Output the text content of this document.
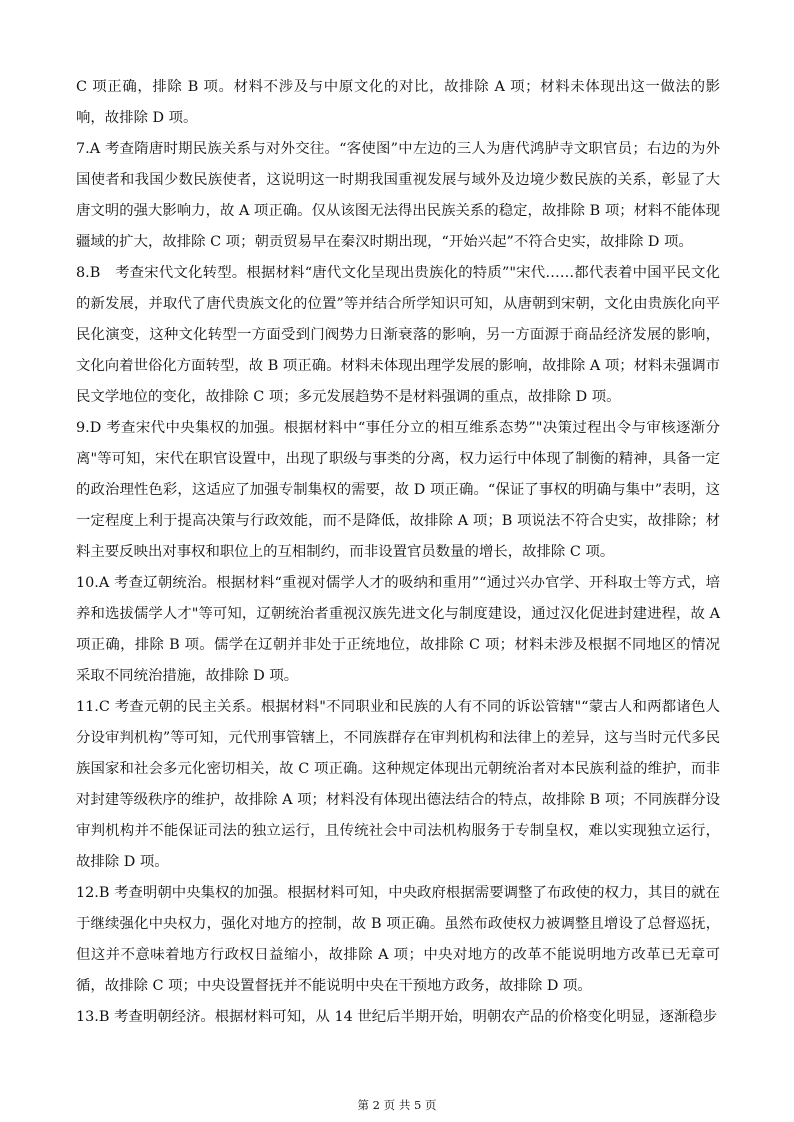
C 项正确，排除 B 项。材料不涉及与中原文化的对比，故排除 A 项；材料未体现出这一做法的影响，故排除 D 项。

7.A 考查隋唐时期民族关系与对外交往。“客使图”中左边的三人为唐代鸿胪寺文职官员；右边的为外国使者和我国少数民族使者，这说明这一时期我国重视发展与域外及边境少数民族的关系，彰显了大唐文明的强大影响力，故 A 项正确。仅从该图无法得出民族关系的稳定，故排除 B 项；材料不能体现疆域的扩大，故排除 C 项；朝贡贸易早在秦汉时期出现，“开始兴起”不符合史实，故排除 D 项。

8.B　考查宋代文化转型。根据材料“唐代文化呈现出贵族化的特质”"宋代……都代表着中国平民文化的新发展，并取代了唐代贵族文化的位置”等并结合所学知识可知，从唐朝到宋朝，文化由贵族化向平民化演变，这种文化转型一方面受到门阀势力日渐衰落的影响，另一方面源于商品经济发展的影响，文化向着世俗化方面转型，故 B 项正确。材料未体现出理学发展的影响，故排除 A 项；材料未强调市民文学地位的变化，故排除 C 项；多元发展趋势不是材料强调的重点，故排除 D 项。

9.D 考查宋代中央集权的加强。根据材料中“事任分立的相互维系态势”"决策过程出令与审核逐渐分离"等可知，宋代在职官设置中，出现了职级与事类的分离，权力运行中体现了制衡的精神，具备一定的政治理性色彩，这适应了加强专制集权的需要，故 D 项正确。“保证了事权的明确与集中”表明，这一定程度上利于提高决策与行政效能，而不是降低，故排除 A 项；B 项说法不符合史实，故排除；材料主要反映出对事权和职位上的互相制约，而非设置官员数量的增长，故排除 C 项。

10.A 考查辽朝统治。根据材料“重视对儒学人才的吸纳和重用”“通过兴办官学、开科取士等方式，培养和选拔儒学人才"等可知，辽朝统治者重视汉族先进文化与制度建设，通过汉化促进封建进程，故 A 项正确，排除 B 项。儒学在辽朝并非处于正统地位，故排除 C 项；材料未涉及根据不同地区的情况采取不同统治措施，故排除 D 项。

11.C 考查元朝的民主关系。根据材料"不同职业和民族的人有不同的诉讼管辖"“蒙古人和两都诸色人分设审判机构”等可知，元代刑事管辖上，不同族群存在审判机构和法律上的差异，这与当时元代多民族国家和社会多元化密切相关，故 C 项正确。这种规定体现出元朝统治者对本民族利益的维护，而非对封建等级秩序的维护，故排除 A 项；材料没有体现出德法结合的特点，故排除 B 项；不同族群分设审判机构并不能保证司法的独立运行，且传统社会中司法机构服务于专制皇权，难以实现独立运行，故排除 D 项。

12.B 考查明朝中央集权的加强。根据材料可知，中央政府根据需要调整了布政使的权力，其目的就在于继续强化中央权力，强化对地方的控制，故 B 项正确。虽然布政使权力被调整且增设了总督巡抚，但这并不意味着地方行政权日益缩小，故排除 A 项；中央对地方的改革不能说明地方改革已无章可循，故排除 C 项；中央设置督抚并不能说明中央在干预地方政务，故排除 D 项。

13.B 考查明朝经济。根据材料可知，从 14 世纪后半期开始，明朝农产品的价格变化明显，逐渐稳步

第 2 页 共 5 页
